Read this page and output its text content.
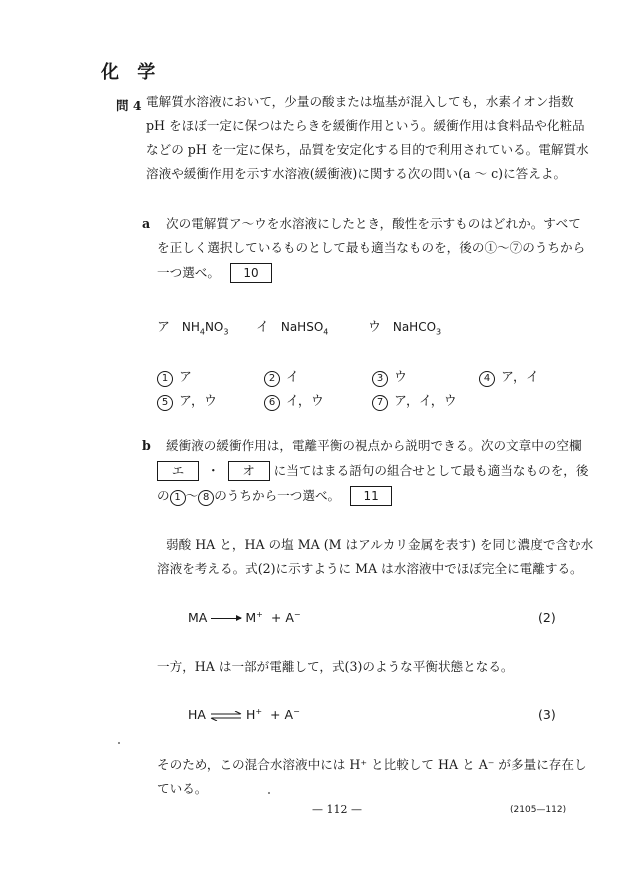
化 学
問 4 電解質水溶液において，少量の酸または塩基が混入しても，水素イオン指数
pH をほぼ一定に保つはたらきを緩衝作用という。緩衝作用は食料品や化粧品
などの pH を一定に保ち，品質を安定化する目的で利用されている。電解質水
溶液や緩衝作用を示す水溶液(緩衝液)に関する次の問い(a ～ c)に答えよ。
a 次の電解質ア～ウを水溶液にしたとき，酸性を示すものはどれか。すべて
を正しく選択しているものとして最も適当なものを，後の①～⑦のうちから
一つ選べ。 10
ア $NH_4NO_3$ イ NaHSO$_4$	ウ NaHCO$_3$
1 ア	2 イ	3 ウ	4 ア，イ
5 ア，ウ	6 イ，ウ	7 ア，イ，ウ
b 緩衝液の緩衝作用は，電離平衡の視点から説明できる。次の文章中の空欄
エ ・ オ に当てはまる語句の組合せとして最も適当なものを，後
の 1 ～ 8 のうちから一つ選べ。 11
弱酸 HA と，HA の塩 MA (M はアルカリ金属を表す) を同じ濃度で含む水
溶液を考える。式(2)に示すように MA は水溶液中でほぼ完全に電離する。
MA	M+ + A−	(2)
一方，HA は一部が電離して，式(3)のような平衡状態となる。
HA ⇌ H+ + A−	(3)
そのため，この混合水溶液中には H⁺ と比較して HA と A⁻ が多量に存在し
ている。
— 112 —	(2105—112)
